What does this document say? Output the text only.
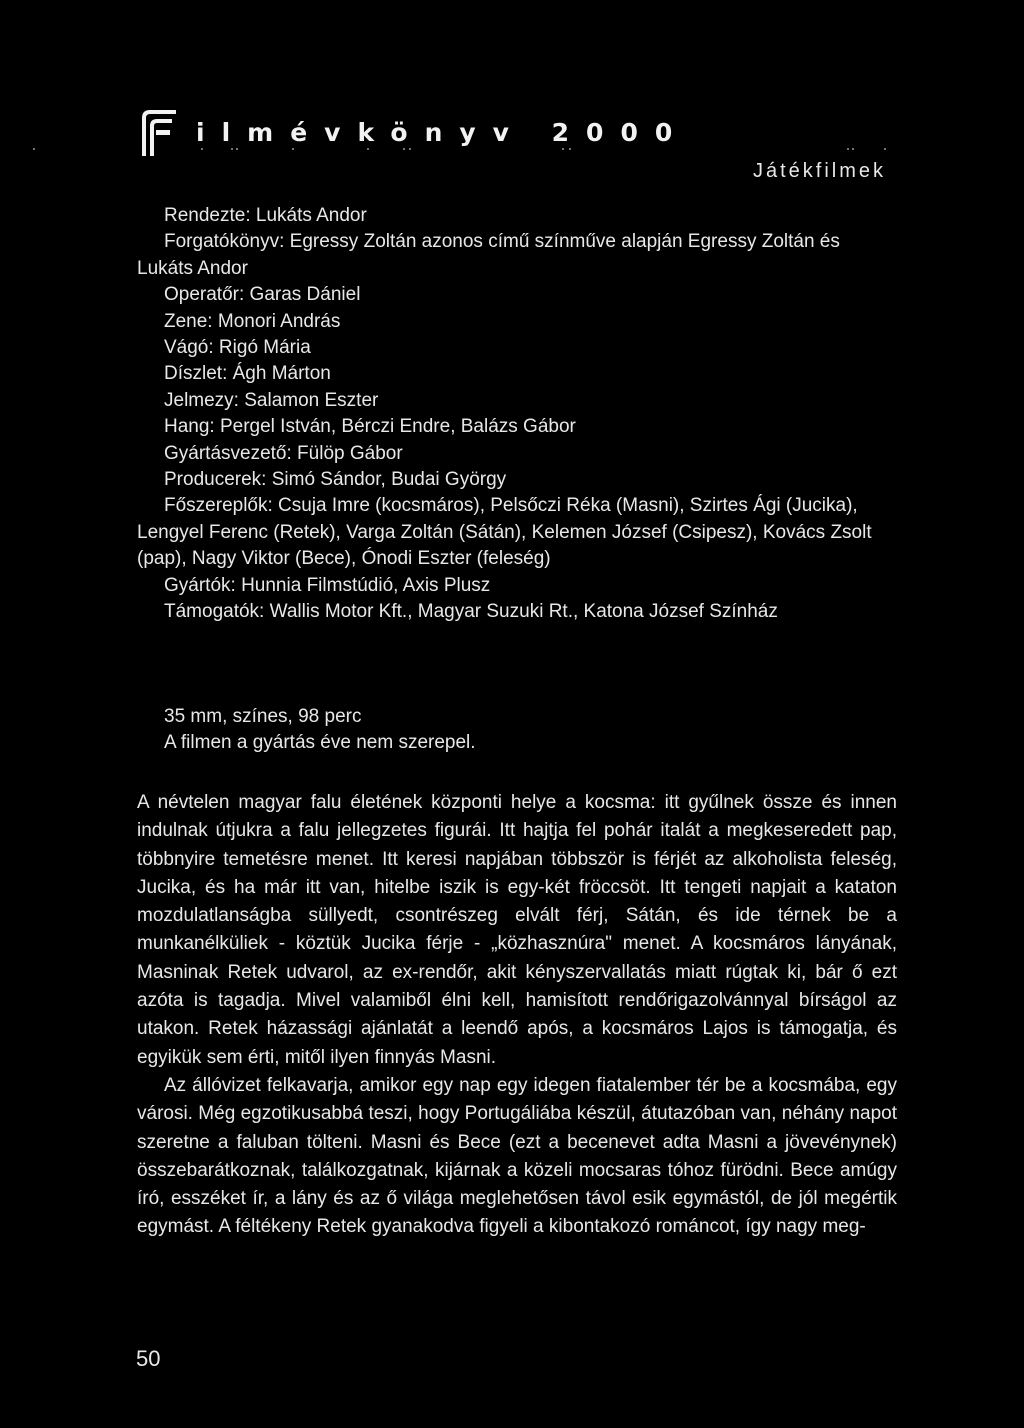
ilmévkönyv 2000
Játékfilmek
Rendezte: Lukáts Andor
Forgatókönyv: Egressy Zoltán azonos című színműve alapján Egressy Zoltán és Lukáts Andor
Operatőr: Garas Dániel
Zene: Monori András
Vágó: Rigó Mária
Díszlet: Ágh Márton
Jelmezy: Salamon Eszter
Hang: Pergel István, Bérczi Endre, Balázs Gábor
Gyártásvezető: Fülöp Gábor
Producerek: Simó Sándor, Budai György
Főszereplők: Csuja Imre (kocsmáros), Pelsőczi Réka (Masni), Szirtes Ági (Jucika), Lengyel Ferenc (Retek), Varga Zoltán (Sátán), Kelemen József (Csipesz), Kovács Zsolt (pap), Nagy Viktor (Bece), Ónodi Eszter (feleség)
Gyártók: Hunnia Filmstúdió, Axis Plusz
Támogatók: Wallis Motor Kft., Magyar Suzuki Rt., Katona József Színház
35 mm, színes, 98 perc
A filmen a gyártás éve nem szerepel.

A névtelen magyar falu életének központi helye a kocsma: itt gyűlnek össze és innen indulnak útjukra a falu jellegzetes figurái. Itt hajtja fel pohár italát a megkeseredett pap, többnyire temetésre menet. Itt keresi napjában többször is férjét az alkoholista feleség, Jucika, és ha már itt van, hitelbe iszik is egy-két fröccsöt. Itt tengeti napjait a kataton mozdulatlanságba süllyedt, csontrészeg elvált férj, Sátán, és ide térnek be a munkanélküliek - köztük Jucika férje - „közhasznúra" menet. A kocsmáros lányának, Masninak Retek udvarol, az ex-rendőr, akit kényszervallatás miatt rúgtak ki, bár ő ezt azóta is tagadja. Mivel valamiből élni kell, hamisított rendőrigazolvánnyal bírságol az utakon. Retek házassági ajánlatát a leendő após, a kocsmáros Lajos is támogatja, és egyikük sem érti, mitől ilyen finnyás Masni.

Az állóvizet felkavarja, amikor egy nap egy idegen fiatalember tér be a kocsmába, egy városi. Még egzotikusabbá teszi, hogy Portugáliába készül, átutazóban van, néhány napot szeretne a faluban tölteni. Masni és Bece (ezt a becenevet adta Masni a jövevénynek) összebarátkoznak, találkozgatnak, kijárnak a közeli mocsaras tóhoz fürödni. Bece amúgy író, esszéket ír, a lány és az ő világa meglehetősen távol esik egymástól, de jól megértik egymást. A féltékeny Retek gyanakodva figyeli a kibontakozó románcot, így nagy meg-

50
